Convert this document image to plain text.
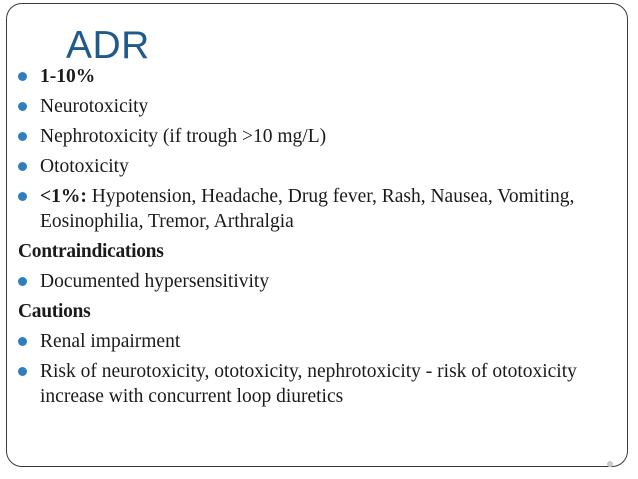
ADR
1-10%
Neurotoxicity
Nephrotoxicity (if trough >10 mg/L)
Ototoxicity
<1%: Hypotension, Headache, Drug fever, Rash, Nausea, Vomiting, Eosinophilia, Tremor, Arthralgia
Contraindications
Documented hypersensitivity
Cautions
Renal impairment
Risk of neurotoxicity, ototoxicity, nephrotoxicity - risk of ototoxicity increase with concurrent loop diuretics
